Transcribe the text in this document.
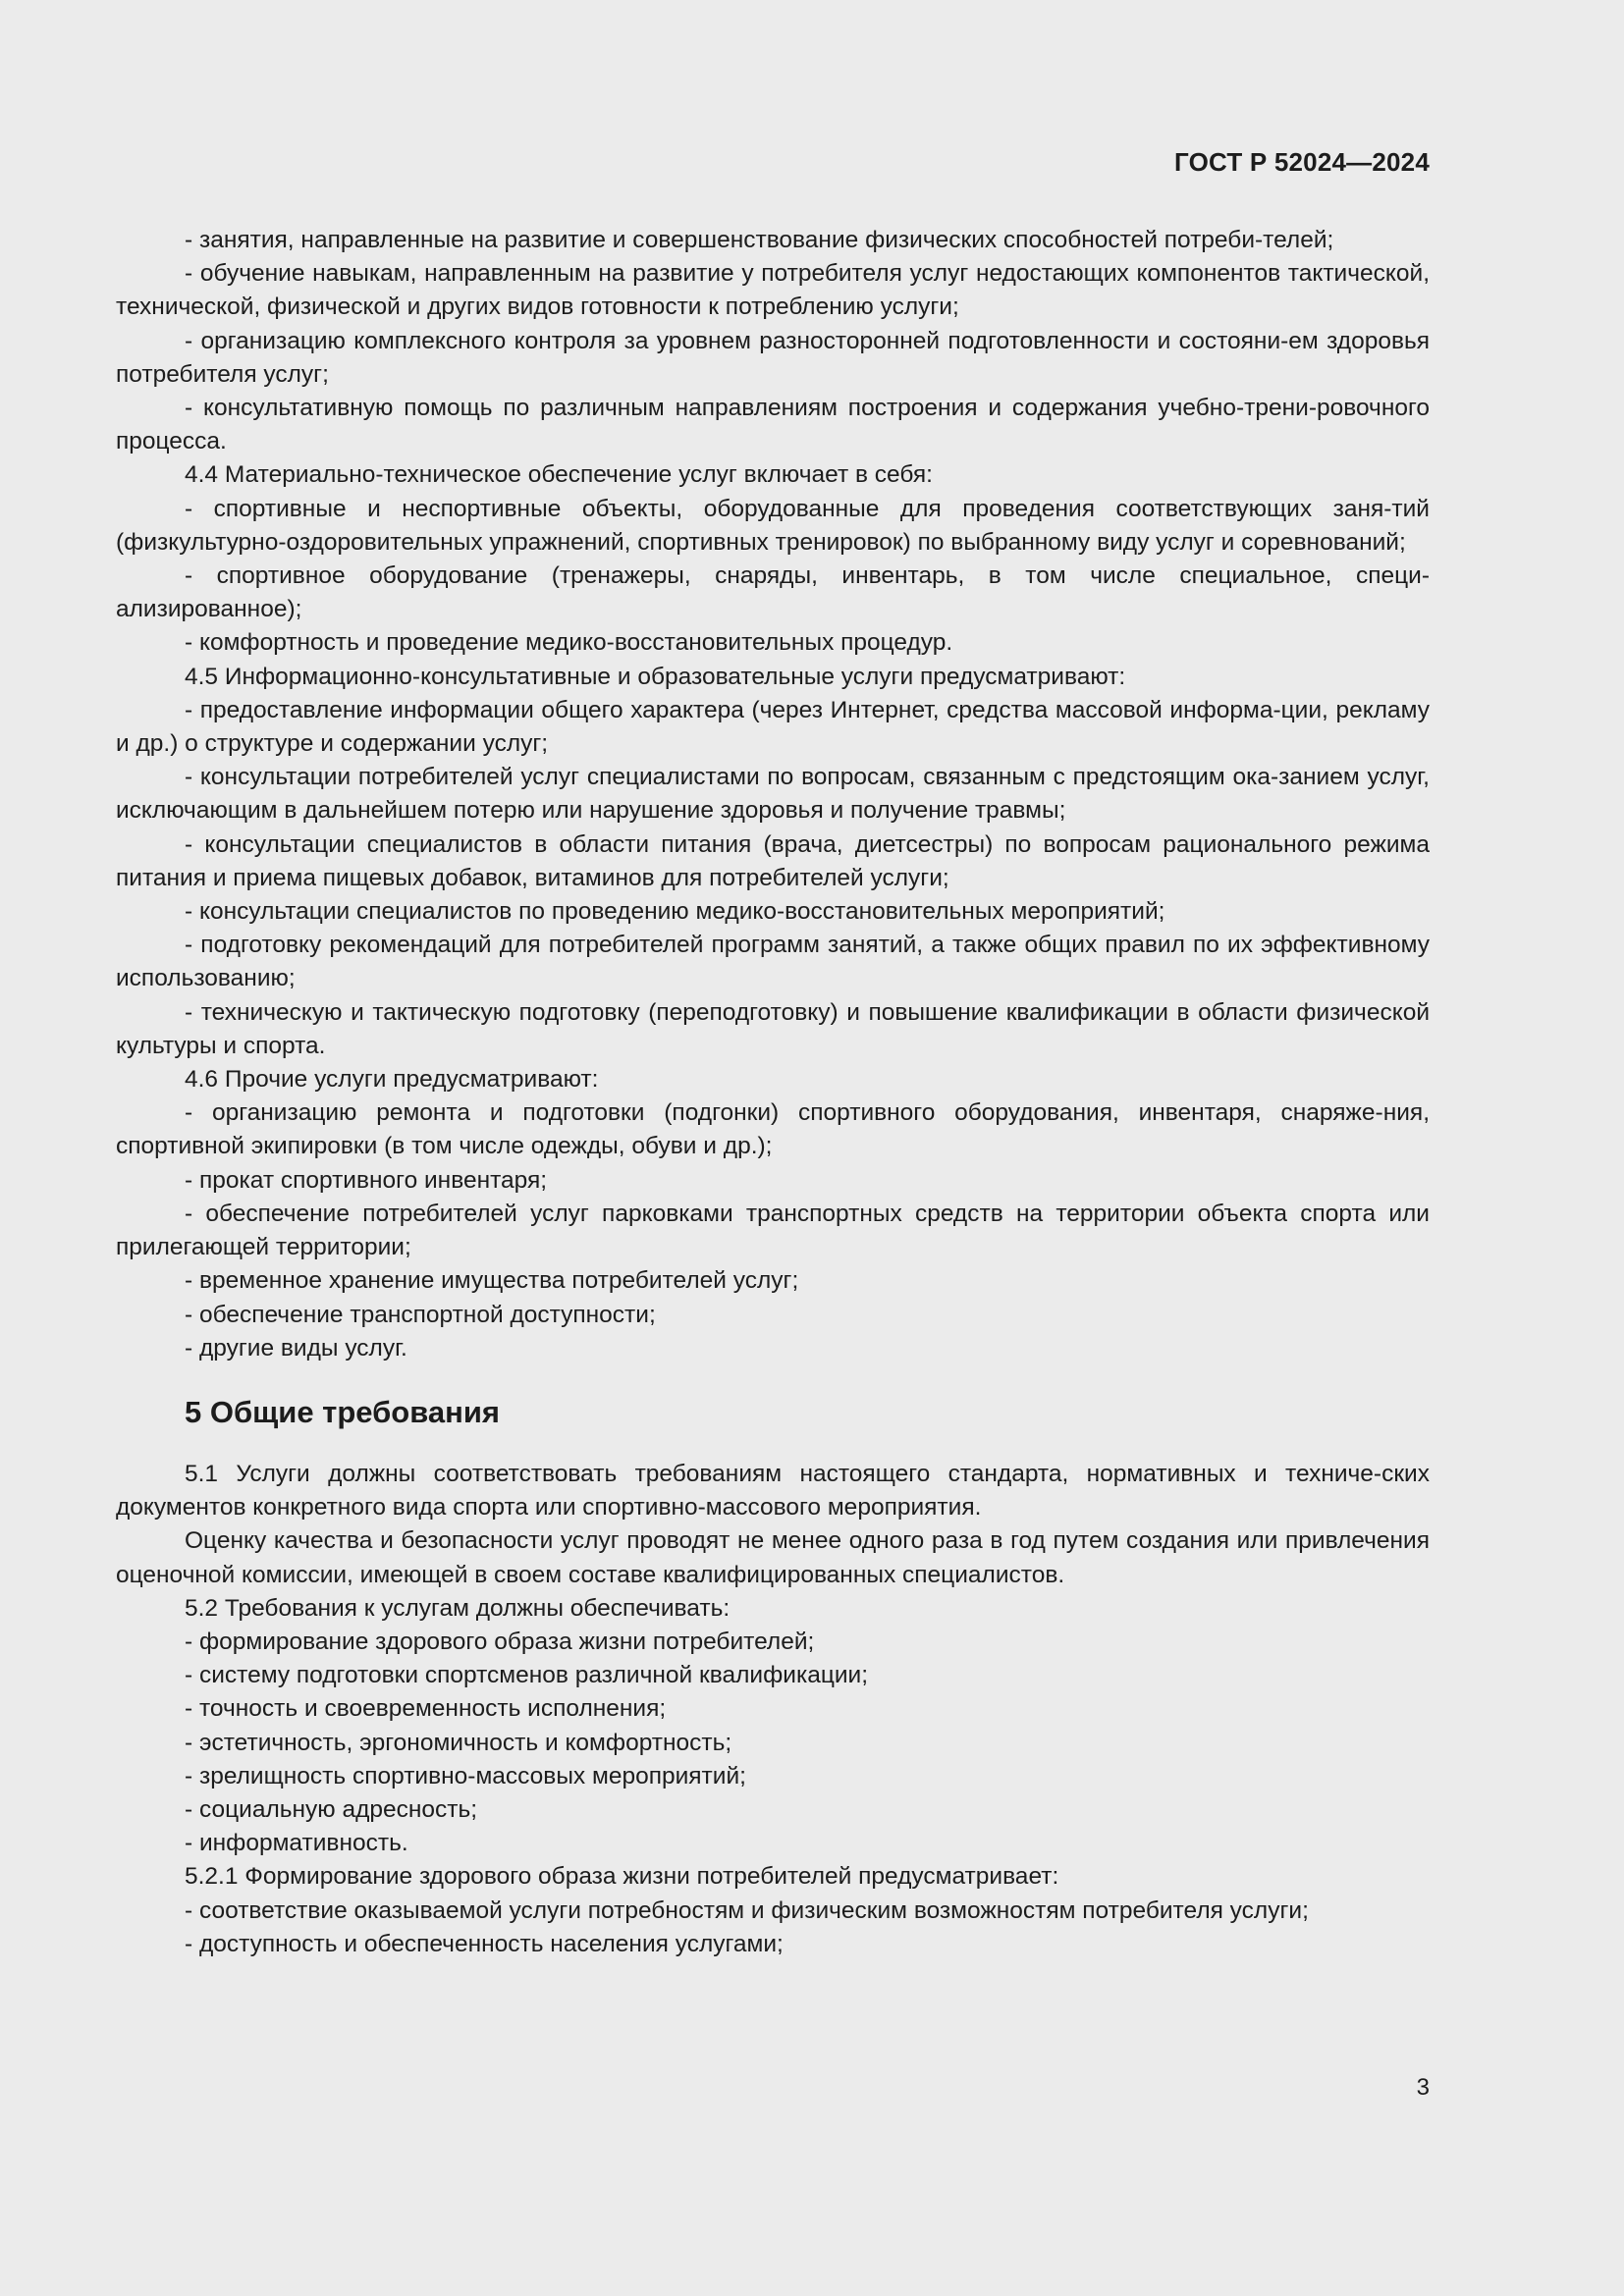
ГОСТ Р 52024—2024

- занятия, направленные на развитие и совершенствование физических способностей потреби-телей;

- обучение навыкам, направленным на развитие у потребителя услуг недостающих компонентов тактической, технической, физической и других видов готовности к потреблению услуги;

- организацию комплексного контроля за уровнем разносторонней подготовленности и состояни-ем здоровья потребителя услуг;

- консультативную помощь по различным направлениям построения и содержания учебно-трени-ровочного процесса.

4.4 Материально-техническое обеспечение услуг включает в себя:

- спортивные и неспортивные объекты, оборудованные для проведения соответствующих заня-тий (физкультурно-оздоровительных упражнений, спортивных тренировок) по выбранному виду услуг и соревнований;

- спортивное оборудование (тренажеры, снаряды, инвентарь, в том числе специальное, специ-ализированное);

- комфортность и проведение медико-восстановительных процедур.

4.5 Информационно-консультативные и образовательные услуги предусматривают:

- предоставление информации общего характера (через Интернет, средства массовой информа-ции, рекламу и др.) о структуре и содержании услуг;

- консультации потребителей услуг специалистами по вопросам, связанным с предстоящим ока-занием услуг, исключающим в дальнейшем потерю или нарушение здоровья и получение травмы;

- консультации специалистов в области питания (врача, диетсестры) по вопросам рационального режима питания и приема пищевых добавок, витаминов для потребителей услуги;

- консультации специалистов по проведению медико-восстановительных мероприятий;

- подготовку рекомендаций для потребителей программ занятий, а также общих правил по их эффективному использованию;

- техническую и тактическую подготовку (переподготовку) и повышение квалификации в области физической культуры и спорта.

4.6 Прочие услуги предусматривают:

- организацию ремонта и подготовки (подгонки) спортивного оборудования, инвентаря, снаряже-ния, спортивной экипировки (в том числе одежды, обуви и др.);

- прокат спортивного инвентаря;

- обеспечение потребителей услуг парковками транспортных средств на территории объекта спорта или прилегающей территории;

- временное хранение имущества потребителей услуг;

- обеспечение транспортной доступности;

- другие виды услуг.

5 Общие требования

5.1 Услуги должны соответствовать требованиям настоящего стандарта, нормативных и техниче-ских документов конкретного вида спорта или спортивно-массового мероприятия.

Оценку качества и безопасности услуг проводят не менее одного раза в год путем создания или привлечения оценочной комиссии, имеющей в своем составе квалифицированных специалистов.

5.2 Требования к услугам должны обеспечивать:

- формирование здорового образа жизни потребителей;

- систему подготовки спортсменов различной квалификации;

- точность и своевременность исполнения;

- эстетичность, эргономичность и комфортность;

- зрелищность спортивно-массовых мероприятий;

- социальную адресность;

- информативность.

5.2.1 Формирование здорового образа жизни потребителей предусматривает:

- соответствие оказываемой услуги потребностям и физическим возможностям потребителя услуги;

- доступность и обеспеченность населения услугами;

3
